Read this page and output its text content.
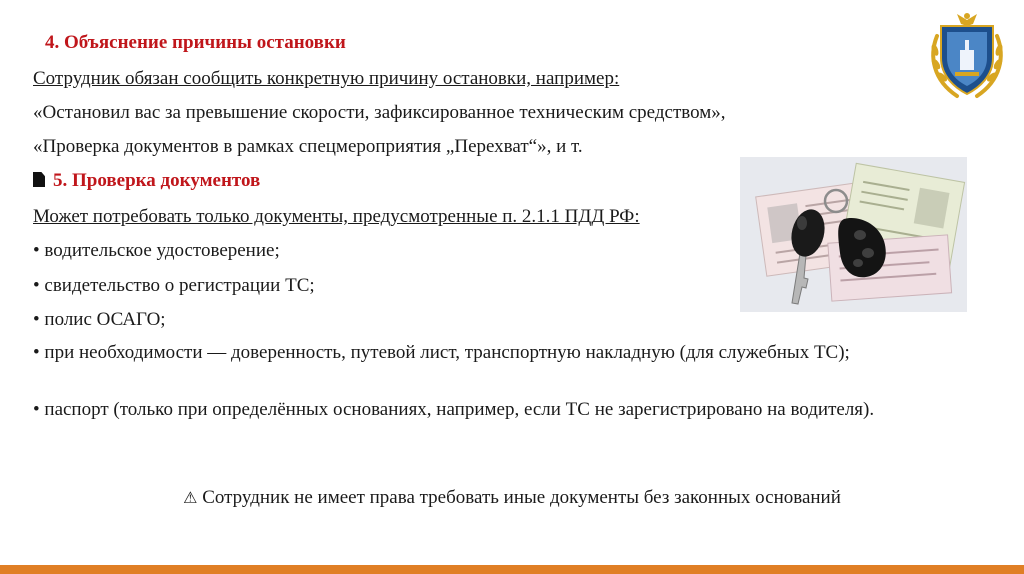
4. Объяснение причины остановки
Сотрудник обязан сообщить конкретную причину остановки, например:
«Остановил вас за превышение скорости, зафиксированное техническим средством»,
«Проверка документов в рамках спецмероприятия „Перехват“», и т.
5. Проверка документов
Может потребовать только документы, предусмотренные п. 2.1.1 ПДД РФ:
• водительское удостоверение;
• свидетельство о регистрации ТС;
• полис ОСАГО;
• при необходимости — доверенность, путевой лист, транспортную накладную (для служебных ТС);
• паспорт (только при определённых основаниях, например, если ТС не зарегистрировано на водителя).
⚠ Сотрудник не имеет права требовать иные документы без законных оснований
